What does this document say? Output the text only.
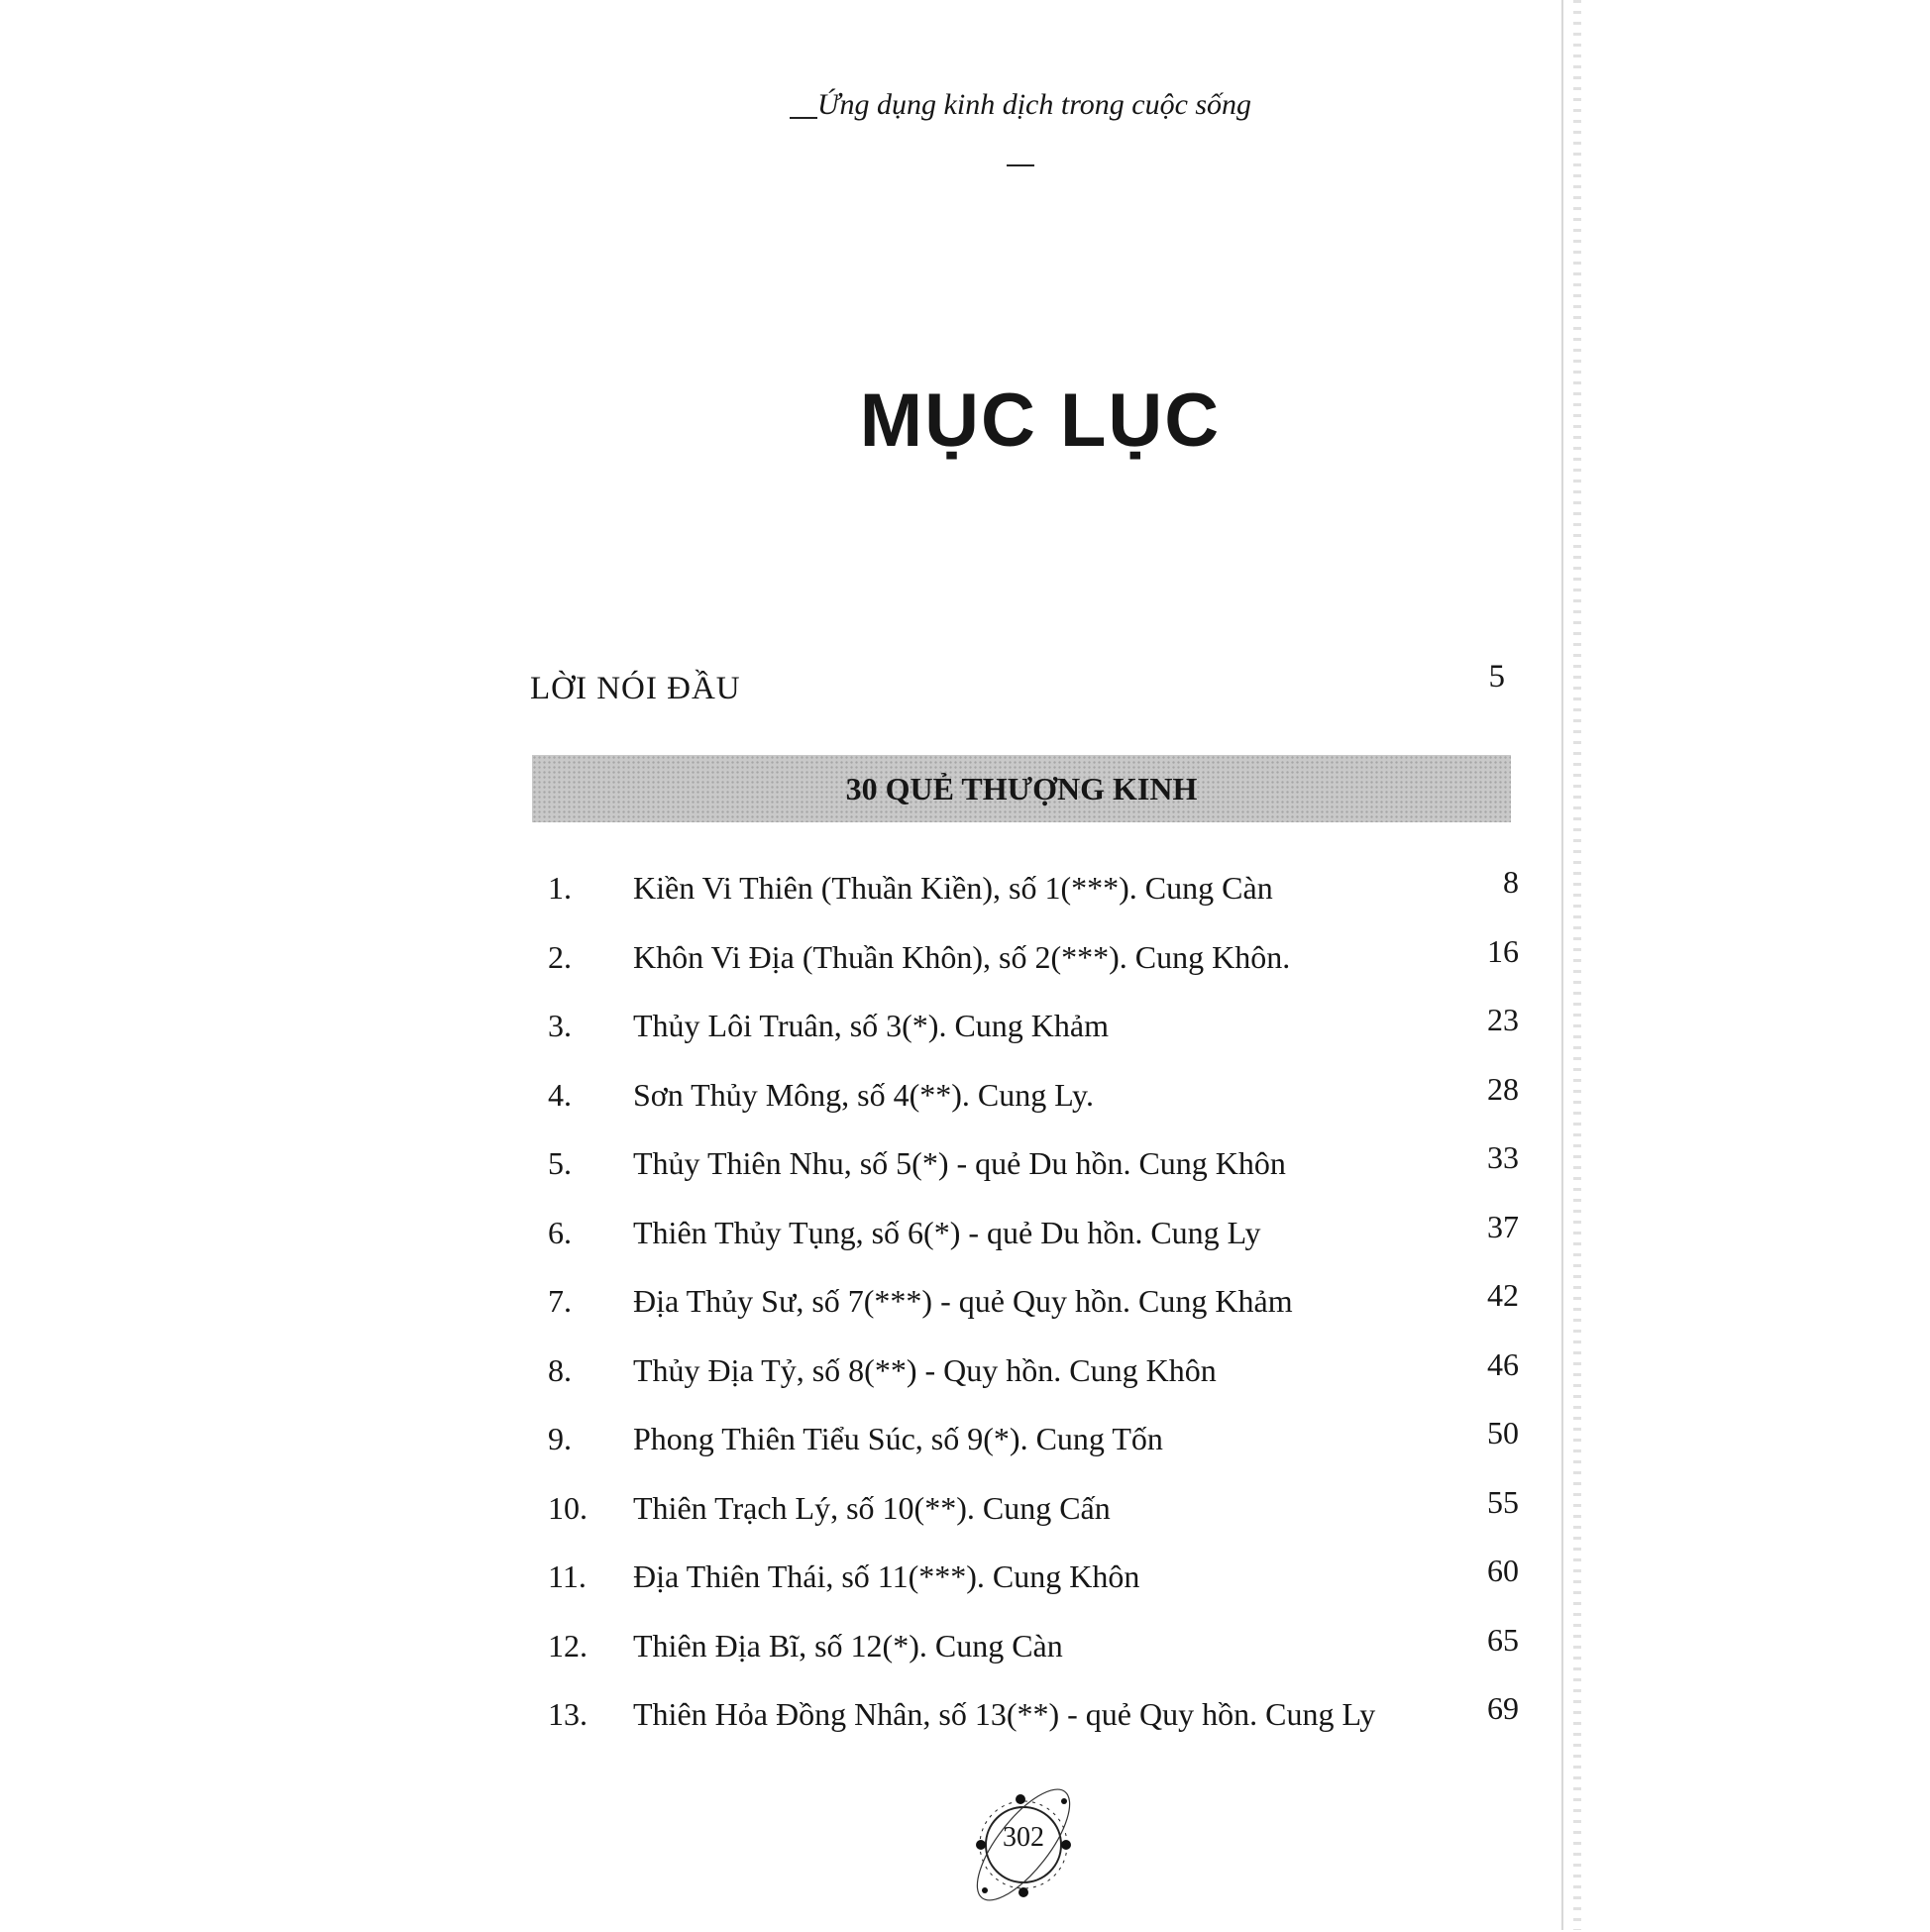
Ứng dụng kinh dịch trong cuộc sống
MỤC LỤC
LỜI NÓI ĐẦU	5
30 QUẺ THƯỢNG KINH
1. Kiền Vi Thiên (Thuần Kiền), số 1(***). Cung Càn	8
2. Khôn Vi Địa (Thuần Khôn), số 2(***). Cung Khôn.	16
3. Thủy Lôi Truân, số 3(*). Cung Khảm	23
4. Sơn Thủy Mông, số 4(**). Cung Ly.	28
5. Thủy Thiên Nhu, số 5(*) - quẻ Du hồn. Cung Khôn	33
6. Thiên Thủy Tụng, số 6(*) - quẻ Du hồn. Cung Ly	37
7. Địa Thủy Sư, số 7(***) - quẻ Quy hồn. Cung Khảm	42
8. Thủy Địa Tỷ, số 8(**) - Quy hồn. Cung Khôn	46
9. Phong Thiên Tiểu Súc, số 9(*). Cung Tốn	50
10. Thiên Trạch Lý, số 10(**). Cung Cấn	55
11. Địa Thiên Thái, số 11(***). Cung Khôn	60
12. Thiên Địa Bĩ, số 12(*). Cung Càn	65
13. Thiên Hỏa Đồng Nhân, số 13(**) - quẻ Quy hồn. Cung Ly	69
302
